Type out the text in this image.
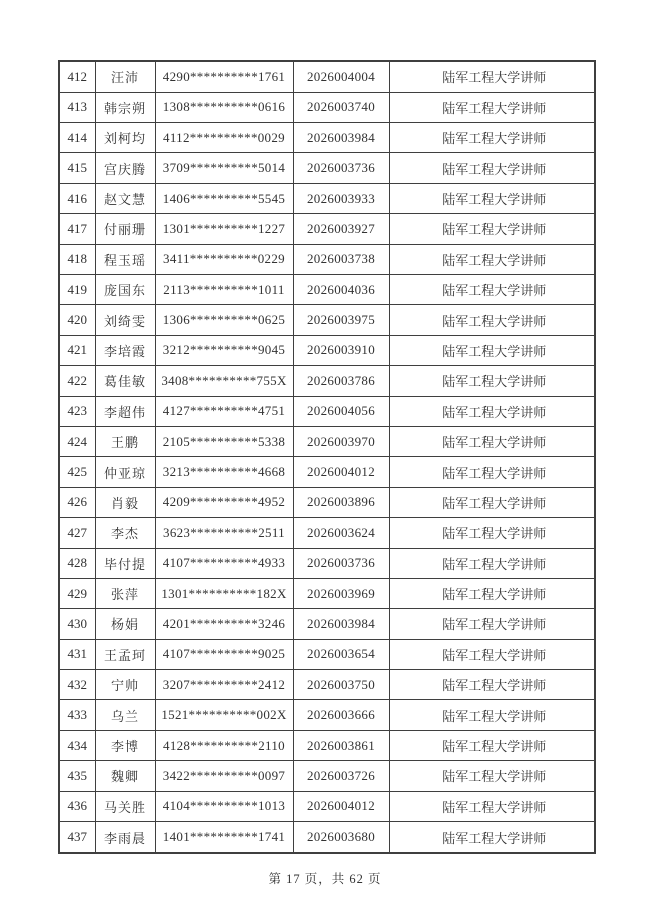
412	汪沛	4290**********1761	2026004004	陆军工程大学讲师
413	韩宗朔	1308**********0616	2026003740	陆军工程大学讲师
414	刘柯均	4112**********0029	2026003984	陆军工程大学讲师
415	宫庆腾	3709**********5014	2026003736	陆军工程大学讲师
416	赵文慧	1406**********5545	2026003933	陆军工程大学讲师
417	付丽珊	1301**********1227	2026003927	陆军工程大学讲师
418	程玉瑶	3411**********0229	2026003738	陆军工程大学讲师
419	庞国东	2113**********1011	2026004036	陆军工程大学讲师
420	刘绮雯	1306**********0625	2026003975	陆军工程大学讲师
421	李培霞	3212**********9045	2026003910	陆军工程大学讲师
422	葛佳敏	3408**********755X	2026003786	陆军工程大学讲师
423	李超伟	4127**********4751	2026004056	陆军工程大学讲师
424	王鹏	2105**********5338	2026003970	陆军工程大学讲师
425	仲亚琼	3213**********4668	2026004012	陆军工程大学讲师
426	肖毅	4209**********4952	2026003896	陆军工程大学讲师
427	李杰	3623**********2511	2026003624	陆军工程大学讲师
428	毕付提	4107**********4933	2026003736	陆军工程大学讲师
429	张萍	1301**********182X	2026003969	陆军工程大学讲师
430	杨娟	4201**********3246	2026003984	陆军工程大学讲师
431	王孟珂	4107**********9025	2026003654	陆军工程大学讲师
432	宁帅	3207**********2412	2026003750	陆军工程大学讲师
433	乌兰	1521**********002X	2026003666	陆军工程大学讲师
434	李博	4128**********2110	2026003861	陆军工程大学讲师
435	魏卿	3422**********0097	2026003726	陆军工程大学讲师
436	马关胜	4104**********1013	2026004012	陆军工程大学讲师
437	李雨晨	1401**********1741	2026003680	陆军工程大学讲师
第 17 页，共 62 页
